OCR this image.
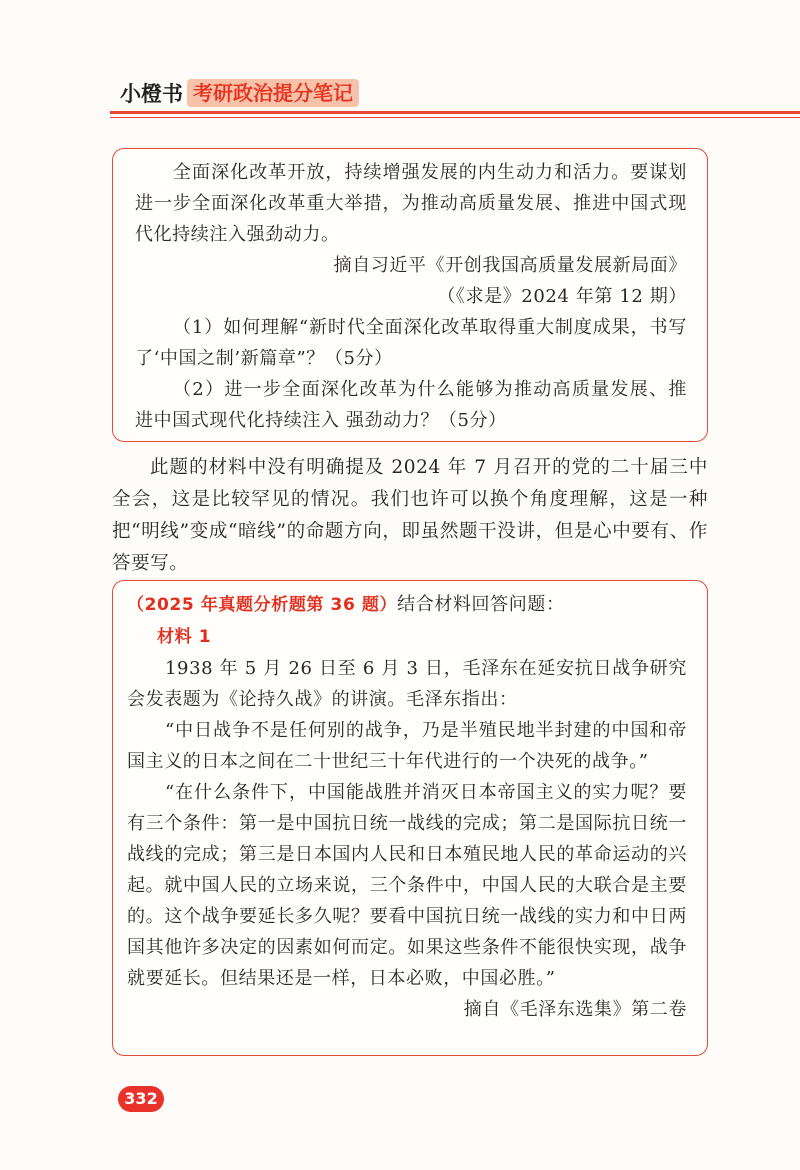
小橙书 考研政治提分笔记

全面深化改革开放，持续增强发展的内生动力和活力。要谋划进一步全面深化改革重大举措，为推动高质量发展、推进中国式现代化持续注入强劲动力。

摘自习近平《开创我国高质量发展新局面》

（《求是》2024 年第 12 期）

（1）如何理解“新时代全面深化改革取得重大制度成果，书写了‘中国之制’新篇章”？（5分）

（2）进一步全面深化改革为什么能够为推动高质量发展、推进中国式现代化持续注入 强劲动力？（5分）

此题的材料中没有明确提及 2024 年 7 月召开的党的二十届三中全会，这是比较罕见的情况。我们也许可以换个角度理解，这是一种把“明线”变成“暗线”的命题方向，即虽然题干没讲，但是心中要有、作答要写。

（2025 年真题分析题第 36 题）结合材料回答问题：

材料 1

1938 年 5 月 26 日至 6 月 3 日，毛泽东在延安抗日战争研究会发表题为《论持久战》的讲演。毛泽东指出：

“中日战争不是任何别的战争，乃是半殖民地半封建的中国和帝国主义的日本之间在二十世纪三十年代进行的一个决死的战争。”

“在什么条件下，中国能战胜并消灭日本帝国主义的实力呢？要有三个条件：第一是中国抗日统一战线的完成；第二是国际抗日统一战线的完成；第三是日本国内人民和日本殖民地人民的革命运动的兴起。就中国人民的立场来说，三个条件中，中国人民的大联合是主要的。这个战争要延长多久呢？要看中国抗日统一战线的实力和中日两国其他许多决定的因素如何而定。如果这些条件不能很快实现，战争就要延长。但结果还是一样，日本必败，中国必胜。”

摘自《毛泽东选集》第二卷

332
